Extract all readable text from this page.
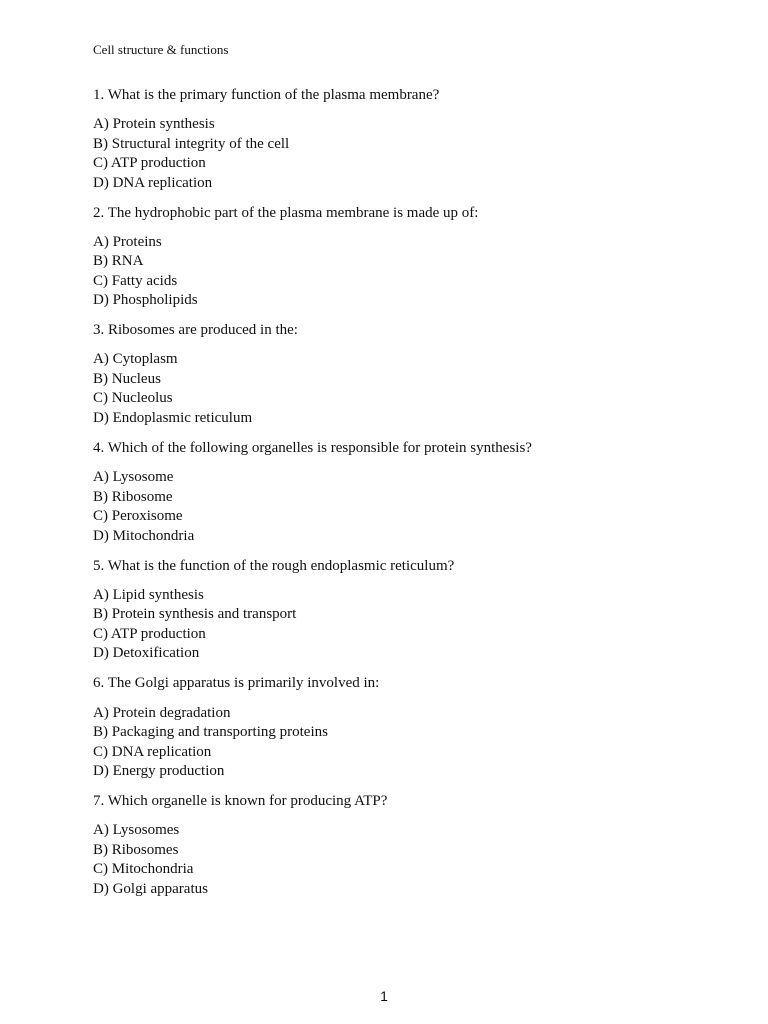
Cell structure & functions
1. What is the primary function of the plasma membrane?
A) Protein synthesis
B) Structural integrity of the cell
C) ATP production
D) DNA replication
2. The hydrophobic part of the plasma membrane is made up of:
A) Proteins
B) RNA
C) Fatty acids
D) Phospholipids
3. Ribosomes are produced in the:
A) Cytoplasm
B) Nucleus
C) Nucleolus
D) Endoplasmic reticulum
4. Which of the following organelles is responsible for protein synthesis?
A) Lysosome
B) Ribosome
C) Peroxisome
D) Mitochondria
5. What is the function of the rough endoplasmic reticulum?
A) Lipid synthesis
B) Protein synthesis and transport
C) ATP production
D) Detoxification
6. The Golgi apparatus is primarily involved in:
A) Protein degradation
B) Packaging and transporting proteins
C) DNA replication
D) Energy production
7. Which organelle is known for producing ATP?
A) Lysosomes
B) Ribosomes
C) Mitochondria
D) Golgi apparatus
1
